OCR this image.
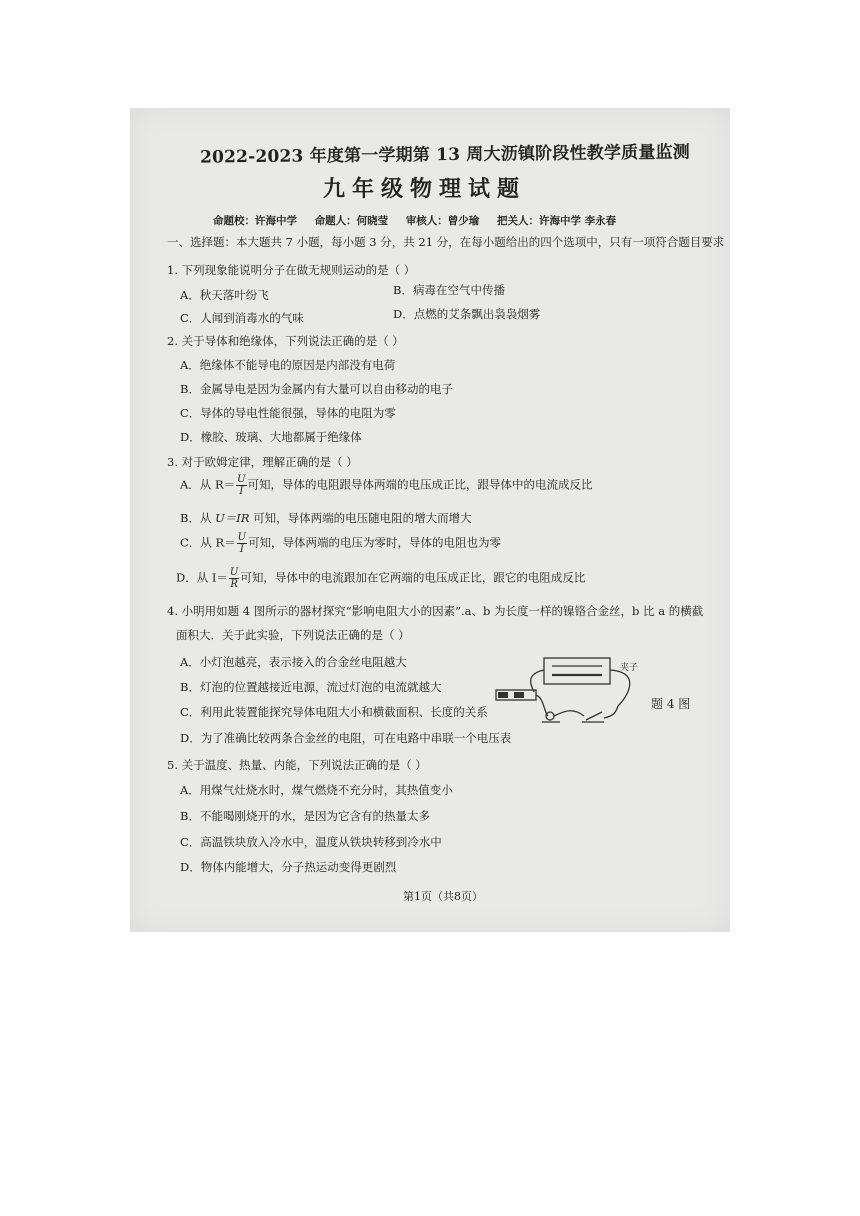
2022-2023 年度第一学期第 13 周大沥镇阶段性教学质量监测
九年级物理试题
命题校：许海中学 命题人：何晓莹 审核人：曾少瑜 把关人：许海中学 李永春
一、选择题：本大题共 7 小题，每小题 3 分，共 21 分，在每小题给出的四个选项中，只有一项符合题目要求
1. 下列现象能说明分子在做无规则运动的是（ ）
A．秋天落叶纷飞	B．病毒在空气中传播
C．人闻到消毒水的气味	D．点燃的艾条飘出袅袅烟雾
2. 关于导体和绝缘体，下列说法正确的是（ ）
A．绝缘体不能导电的原因是内部没有电荷
B．金属导电是因为金属内有大量可以自由移动的电子
C．导体的导电性能很强，导体的电阻为零
D．橡胶、玻璃、大地都属于绝缘体
3. 对于欧姆定律，理解正确的是（ ）
A．从 $R= \frac{U}{I}$ 可知，导体的电阻跟导体两端的电压成正比，跟导体中的电流成反比
B．从 U＝IR 可知，导体两端的电压随电阻的增大而增大
C．从 $R= \frac{U}{I}$ 可知，导体两端的电压为零时，导体的电阻也为零
D．从 $I= \frac{U}{R}$ 可知，导体中的电流跟加在它两端的电压成正比，跟它的电阻成反比
4. 小明用如题 4 图所示的器材探究“影响电阻大小的因素”.a、b 为长度一样的镍铬合金丝，b 比 a 的横截
面积大．关于此实验，下列说法正确的是（ ）
A．小灯泡越亮，表示接入的合金丝电阻越大
B．灯泡的位置越接近电源，流过灯泡的电流就越大
C．利用此装置能探究导体电阻大小和横截面积、长度的关系
D．为了准确比较两条合金丝的电阻，可在电路中串联一个电压表
夹子
题 4 图
5. 关于温度、热量、内能，下列说法正确的是（ ）
A．用煤气灶烧水时，煤气燃烧不充分时，其热值变小
B．不能喝刚烧开的水，是因为它含有的热量太多
C．高温铁块放入冷水中，温度从铁块转移到冷水中
D．物体内能增大，分子热运动变得更剧烈
第1页（共8页）
